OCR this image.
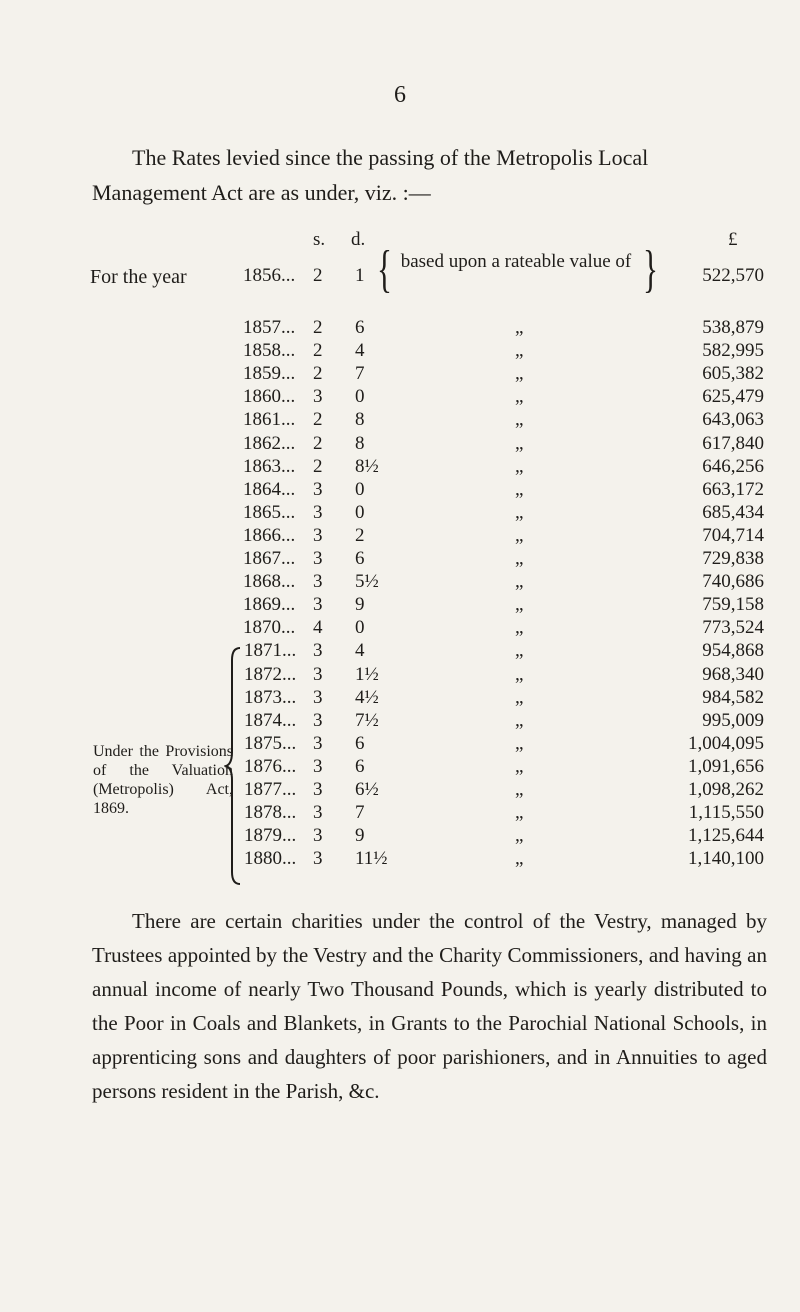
6

The Rates levied since the passing of the Metropolis Local Management Act are as under, viz. :—

s. d.	£
For the year	{ based upon a rateable value of }
1856... 2 1	522,570
1857... 2 6	„	538,879
1858... 2 4	„	582,995
1859... 2 7	„	605,382
1860... 3 0	„	625,479
1861... 2 8	„	643,063
1862... 2 8	„	617,840
1863... 2 8½	„	646,256
1864... 3 0	„	663,172
1865... 3 0	„	685,434
1866... 3 2	„	704,714
1867... 3 6	„	729,838
1868... 3 5½	„	740,686
1869... 3 9	„	759,158
1870... 4 0	„	773,524
1871... 3 4	„	954,868
1872... 3 1½	„	968,340
1873... 3 4½	„	984,582
1874... 3 7½	„	995,009
1875... 3 6	„	1,004,095
1876... 3 6	„	1,091,656
1877... 3 6½	„	1,098,262
1878... 3 7	„	1,115,550
1879... 3 9	„	1,125,644
1880... 3 11½	„	1,140,100
Under the Provisions of the Valuation (Metropolis) Act, 1869.

There are certain charities under the control of the Vestry, managed by Trustees appointed by the Vestry and the Charity Commissioners, and having an annual income of nearly Two Thousand Pounds, which is yearly distributed to the Poor in Coals and Blankets, in Grants to the Parochial National Schools, in apprenticing sons and daughters of poor parishioners, and in Annuities to aged persons resident in the Parish, &c.
